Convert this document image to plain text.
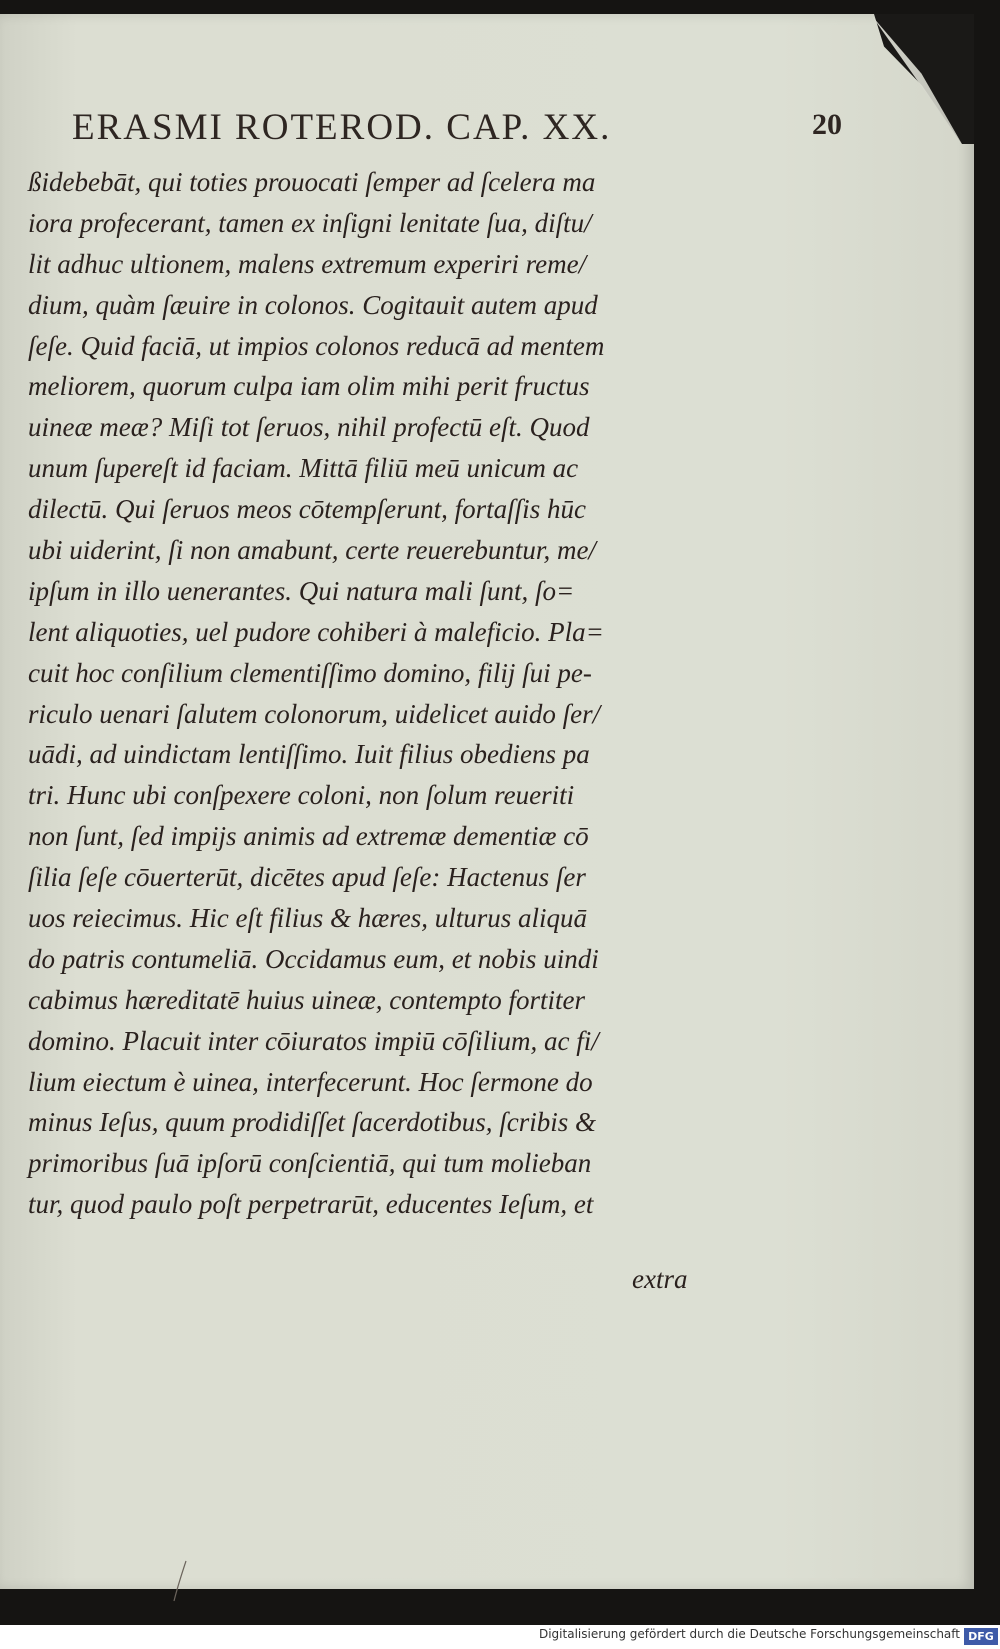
ERASMI ROTEROD. CAP. XX.	20
ßidebebāt, qui toties prouocati ſemper ad ſcelera ma
iora profecerant, tamen ex inſigni lenitate ſua, diſtu/
lit adhuc ultionem, malens extremum experiri reme/
dium, quàm ſæuire in colonos. Cogitauit autem apud
ſeſe. Quid faciā, ut impios colonos reducā ad mentem
meliorem, quorum culpa iam olim mihi perit fructus
uineæ meæ? Miſi tot ſeruos, nihil profectū eſt. Quod
unum ſupereſt id faciam. Mittā filiū meū unicum ac
dilectū. Qui ſeruos meos cōtempſerunt, fortaſſis hūc
ubi uiderint, ſi non amabunt, certe reuerebuntur, me/
ipſum in illo uenerantes. Qui natura mali ſunt, ſo=
lent aliquoties, uel pudore cohiberi à maleficio. Pla=
cuit hoc conſilium clementiſſimo domino, filij ſui pe-
riculo uenari ſalutem colonorum, uidelicet auido ſer/
uādi, ad uindictam lentiſſimo. Iuit filius obediens pa
tri. Hunc ubi conſpexere coloni, non ſolum reueriti
non ſunt, ſed impijs animis ad extremæ dementiæ cō
ſilia ſeſe cōuerterūt, dicētes apud ſeſe: Hactenus ſer
uos reiecimus. Hic eſt filius & hæres, ulturus aliquā
do patris contumeliā. Occidamus eum, et nobis uindi
cabimus hæreditatē huius uineæ, contempto fortiter
domino. Placuit inter cōiuratos impiū cōſilium, ac fi/
lium eiectum è uinea, interfecerunt. Hoc ſermone do
minus Ieſus, quum prodidiſſet ſacerdotibus, ſcribis &
primoribus ſuā ipſorū conſcientiā, qui tum molieban
tur, quod paulo poſt perpetrarūt, educentes Ieſum, et
extra
Digitalisierung gefördert durch die Deutsche Forschungsgemeinschaft DFG
